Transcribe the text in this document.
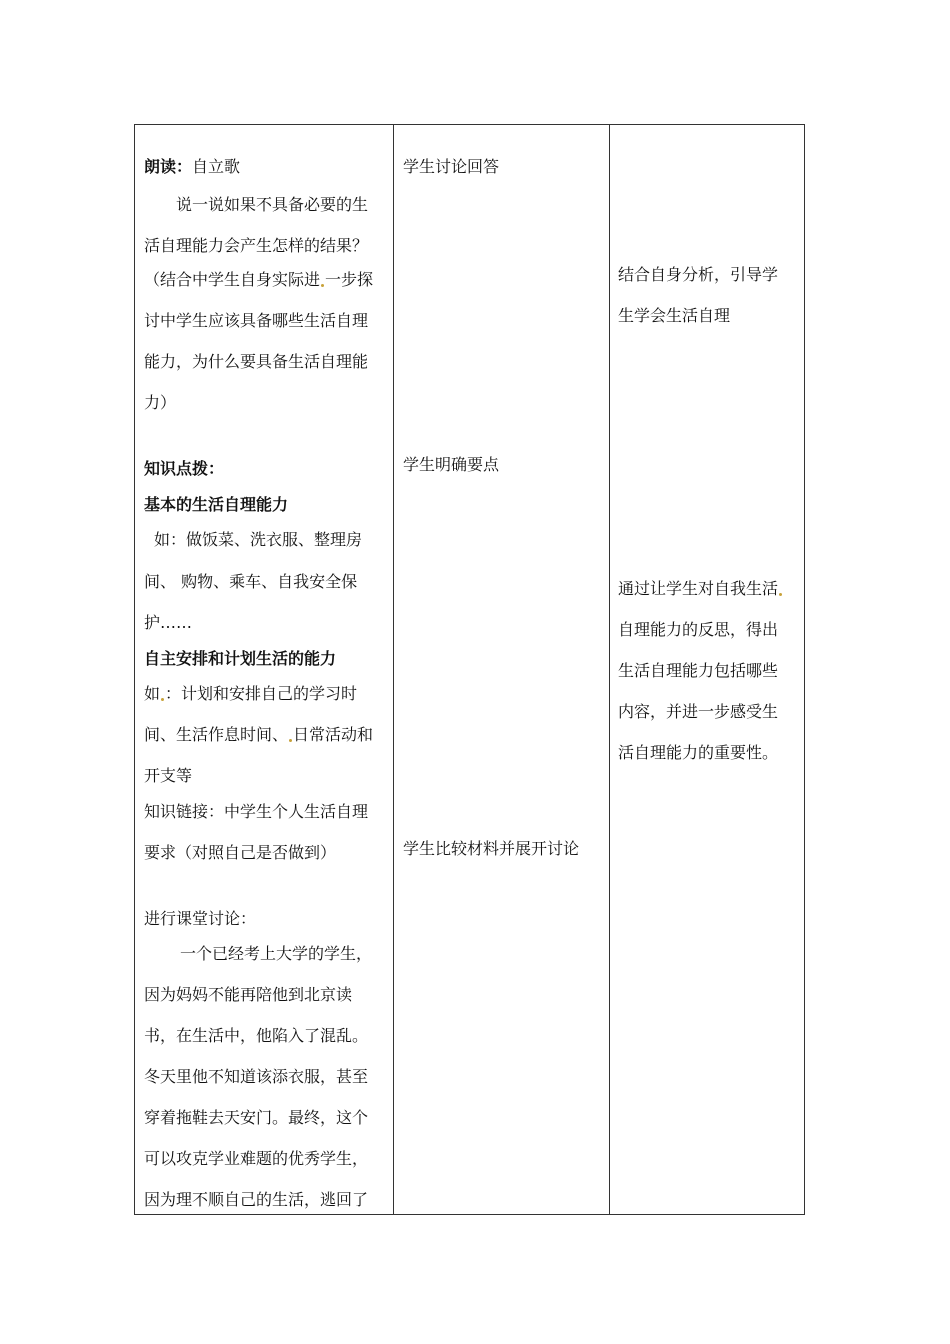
朗读：自立歌
说一说如果不具备必要的生
活自理能力会产生怎样的结果？
（结合中学生自身实际进 一步探
讨中学生应该具备哪些生活自理
能力，为什么要具备生活自理能
力）
知识点拨：
基本的生活自理能力
如：做饭菜、洗衣服、整理房
间、 购物、乘车、自我安全保
护……
自主安排和计划生活的能力
如 ：计划和安排自己的学习时
间、生活作息时间、 日常活动和
开支等
知识链接：中学生个人生活自理
要求（对照自己是否做到）
进行课堂讨论：
一个已经考上大学的学生，
因为妈妈不能再陪他到北京读
书，在生活中，他陷入了混乱。
冬天里他不知道该添衣服，甚至
穿着拖鞋去天安门。最终，这个
可以攻克学业难题的优秀学生，
因为理不顺自己的生活，逃回了
学生讨论回答
学生明确要点
学生比较材料并展开讨论
结合自身分析，引导学
生学会生活自理
通过让学生对自我生活
自理能力的反思，得出
生活自理能力包括哪些
内容，并进一步感受生
活自理能力的重要性。
